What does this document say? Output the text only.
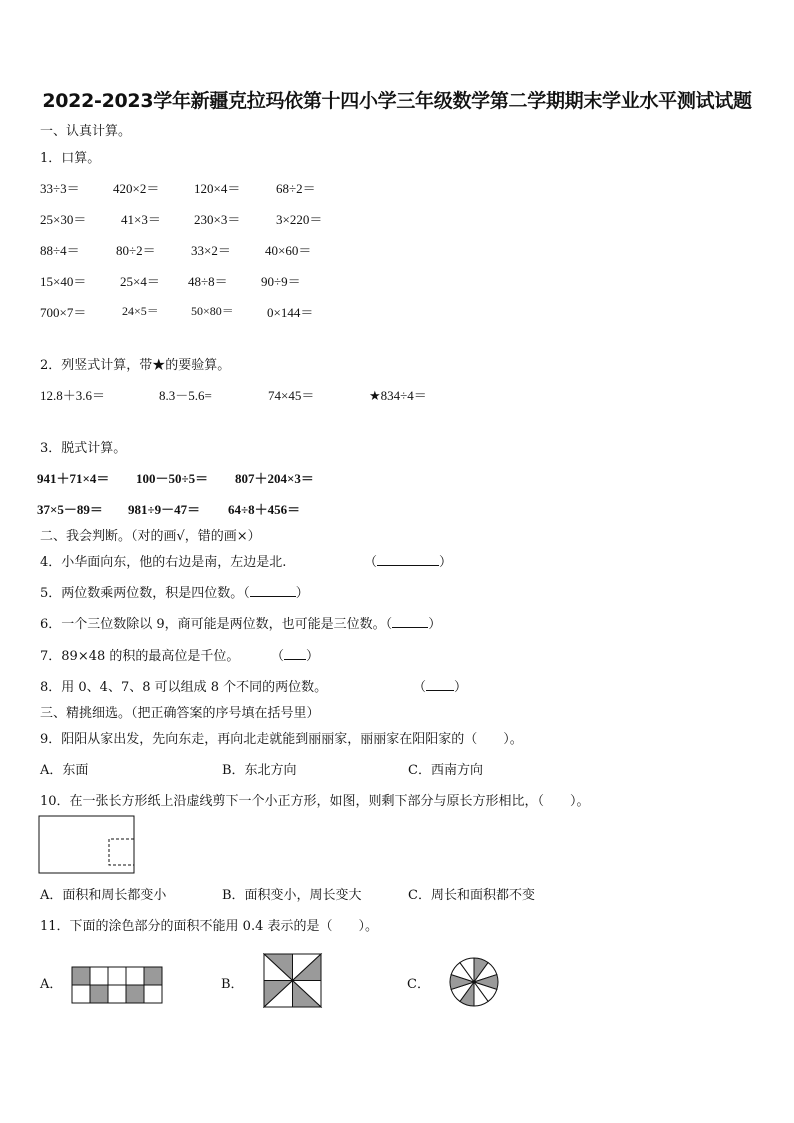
2022-2023学年新疆克拉玛依第十四小学三年级数学第二学期期末学业水平测试试题
一、认真计算。
1．口算。
33÷3＝	420×2＝	120×4＝	68÷2＝
25×30＝	41×3＝	230×3＝	3×220＝
88÷4＝	80÷2＝	33×2＝	40×60＝
15×40＝	25×4＝ 48÷8＝	90÷9＝
700×7＝	24×5＝	50×80＝	0×144＝
2．列竖式计算，带★的要验算。
12.8＋3.6＝	8.3－5.6=	74×45＝	★834÷4＝
3．脱式计算。
941＋71×4＝ 100－50÷5＝ 807＋204×3＝
37×5－89＝ 981÷9－47＝ 64÷8＋456＝
二、我会判断。（对的画√，错的画×）
4．小华面向东，他的右边是南，左边是北.	（	）
5．两位数乘两位数，积是四位数。（	）
6．一个三位数除以 9，商可能是两位数，也可能是三位数。（	）
7．89×48 的积的最高位是千位。 （ ）
8．用 0、4、7、8 可以组成 8 个不同的两位数。	（ ）
三、精挑细选。（把正确答案的序号填在括号里）
9．阳阳从家出发，先向东走，再向北走就能到丽丽家，丽丽家在阳阳家的（　　）。
A．东面	B．东北方向	C．西南方向
10．在一张长方形纸上沿虚线剪下一个小正方形，如图，则剩下部分与原长方形相比，（　　）。
A．面积和周长都变小	B．面积变小，周长变大	C．周长和面积都不变
11．下面的涂色部分的面积不能用 0.4 表示的是（　　）。
A．	B．	C．
